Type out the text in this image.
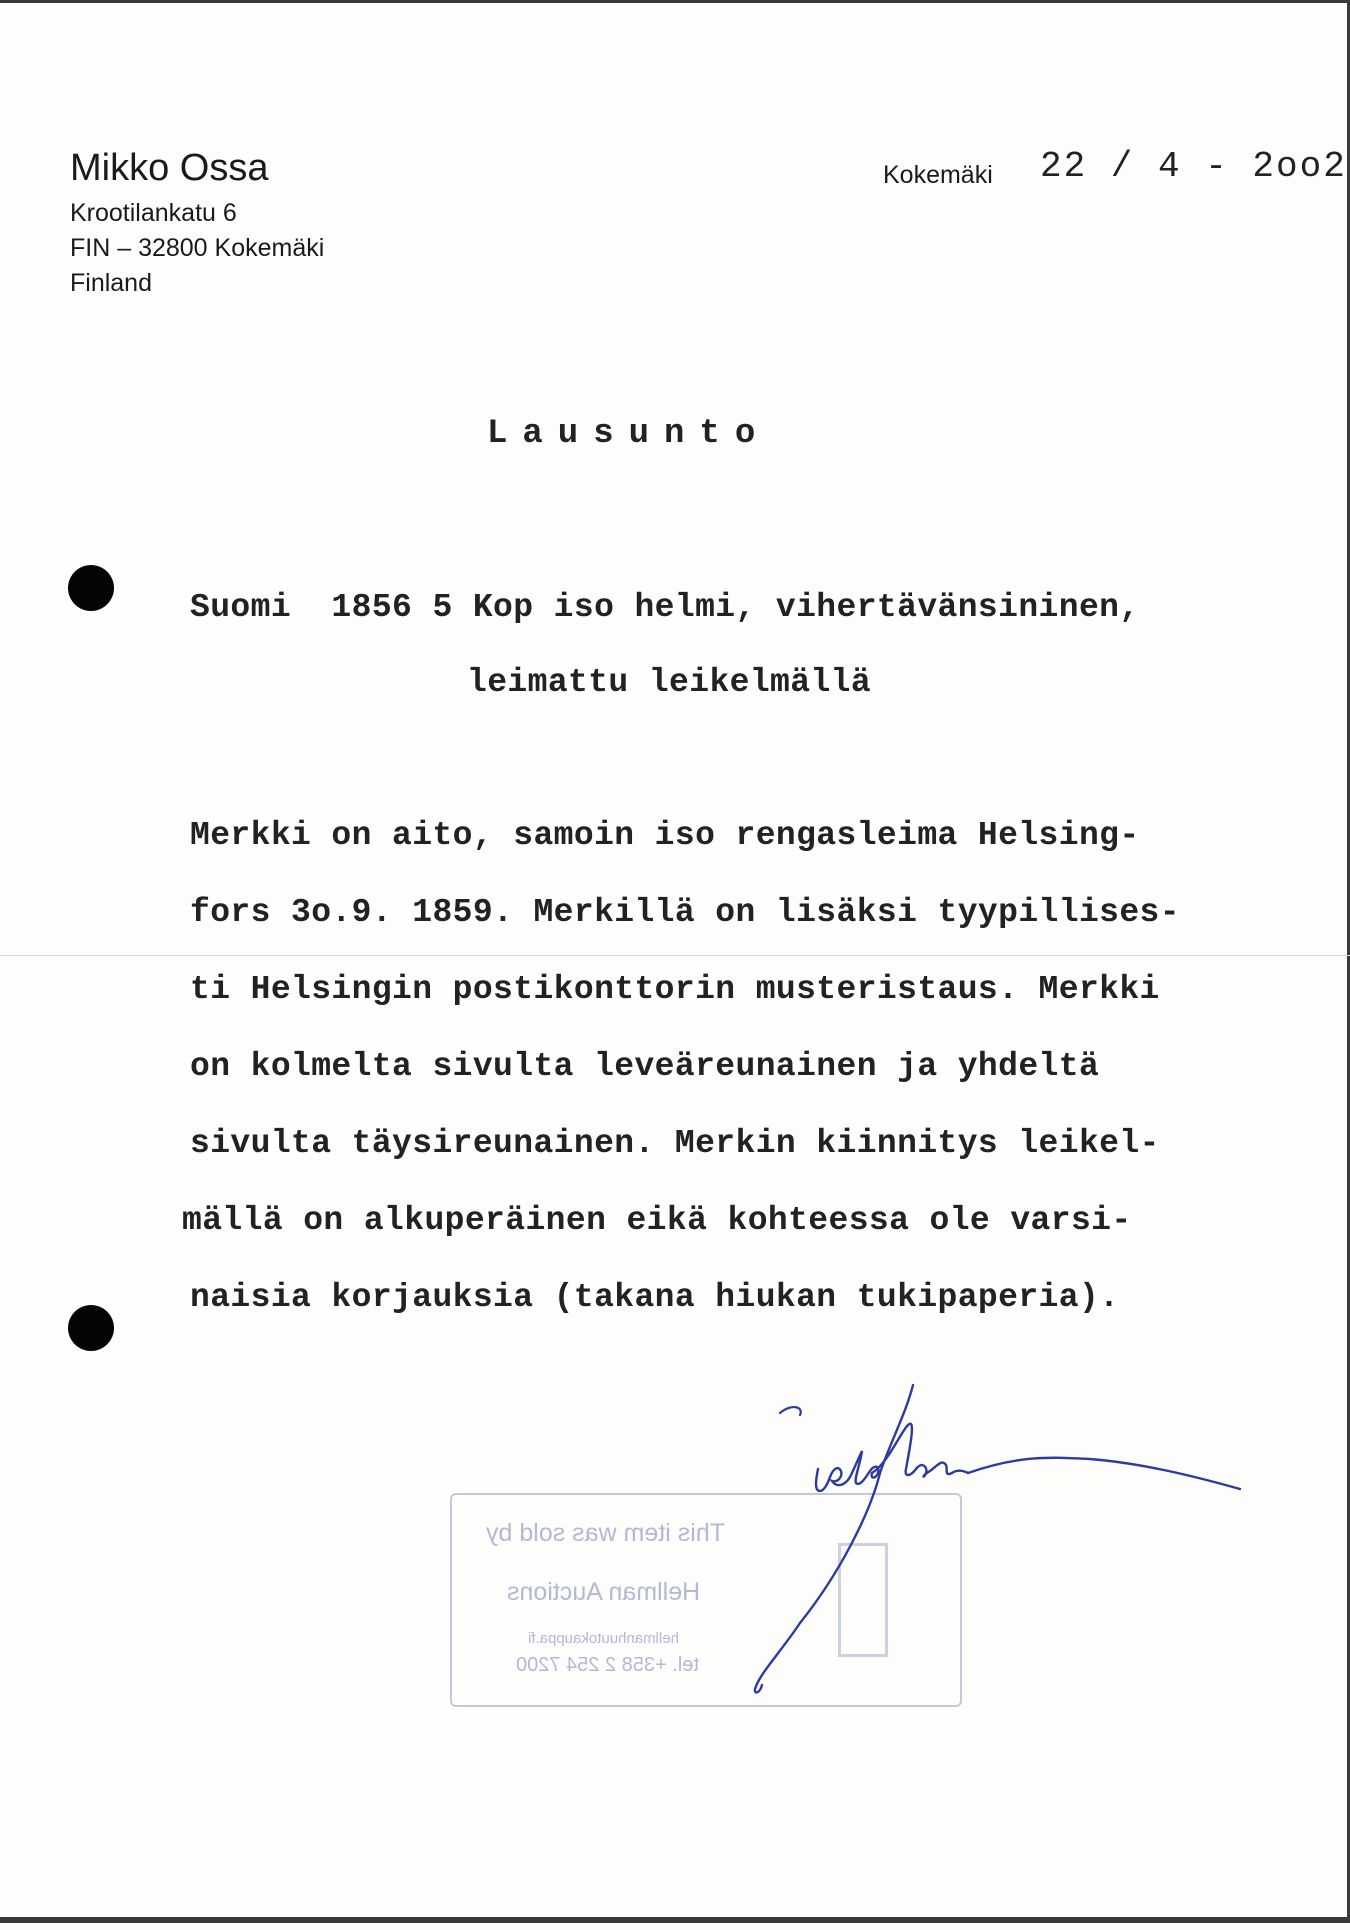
Mikko Ossa
Krootilankatu 6
FIN – 32800 Kokemäki
Finland
Kokemäki 22 / 4 - 2oo2
Lausunto
Suomi  1856 5 Kop iso helmi, vihertävänsininen,
leimattu leikelmällä
Merkki on aito, samoin iso rengasleima Helsing-
fors 3o.9. 1859. Merkillä on lisäksi tyypillises-
ti Helsingin postikonttorin musteristaus. Merkki
on kolmelta sivulta leveäreunainen ja yhdeltä
sivulta täysireunainen. Merkin kiinnitys leikel-
mällä on alkuperäinen eikä kohteessa ole varsi-
naisia korjauksia (takana hiukan tukipaperia).
This item was sold by
Hellman Auctions
hellmanhuutokauppa.fi
tel. +358 2 254 7200
